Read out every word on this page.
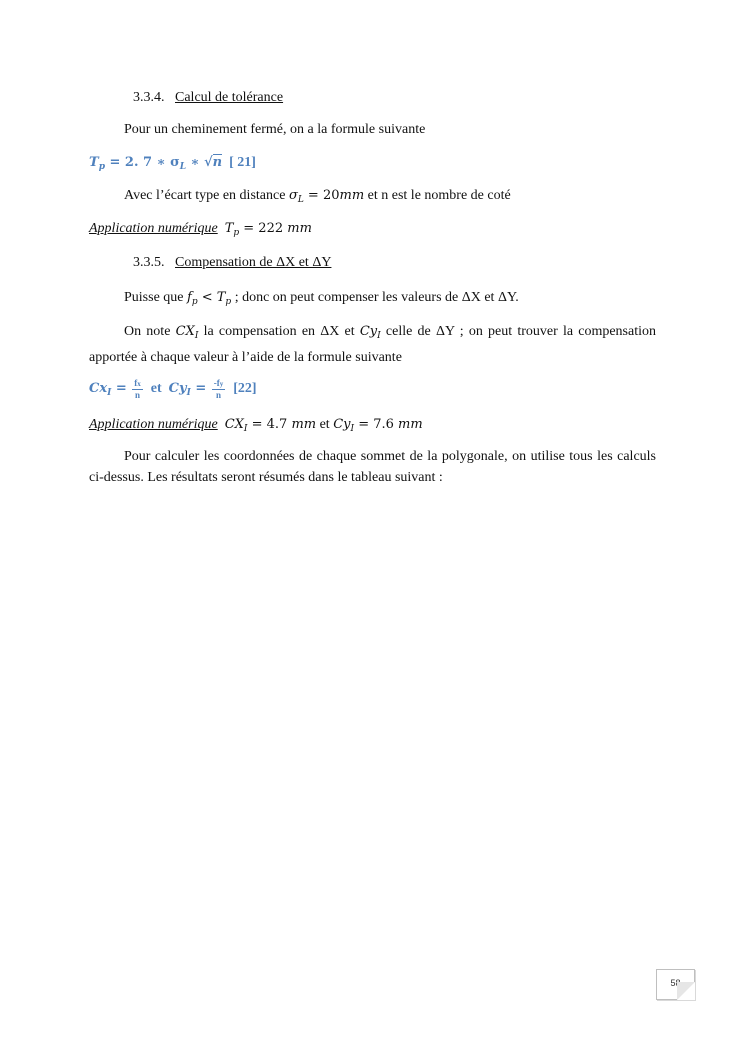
3.3.4. Calcul de tolérance
Pour un cheminement fermé, on a la formule suivante
$T_p = 2$. 7 ∗ $\sigma_L$ ∗ √n [ 21]
Avec l’écart type en distance $\sigma_L = 20mm$ et n est le nombre de coté
Application numérique $T_p = 222$ mm
3.3.5. Compensation de ΔX et ΔY
Puisse que $f_p < T_p$ ; donc on peut compenser les valeurs de ΔX et ΔY.
On note $CX_I$ la compensation en ΔX et $Cy_I$ celle de ΔY ; on peut trouver la compensation apportée à chaque valeur à l’aide de la formule suivante
$Cx_I = \frac{fx}{n}$ et $Cy_I = \frac{-fy}{n} [22]$
Application numérique $CX_I = 4.7$ mm et $Cy_I = 7.6$ mm
Pour calculer les coordonnées de chaque sommet de la polygonale, on utilise tous les calculs ci-dessus. Les résultats seront résumés dans le tableau suivant :
58
